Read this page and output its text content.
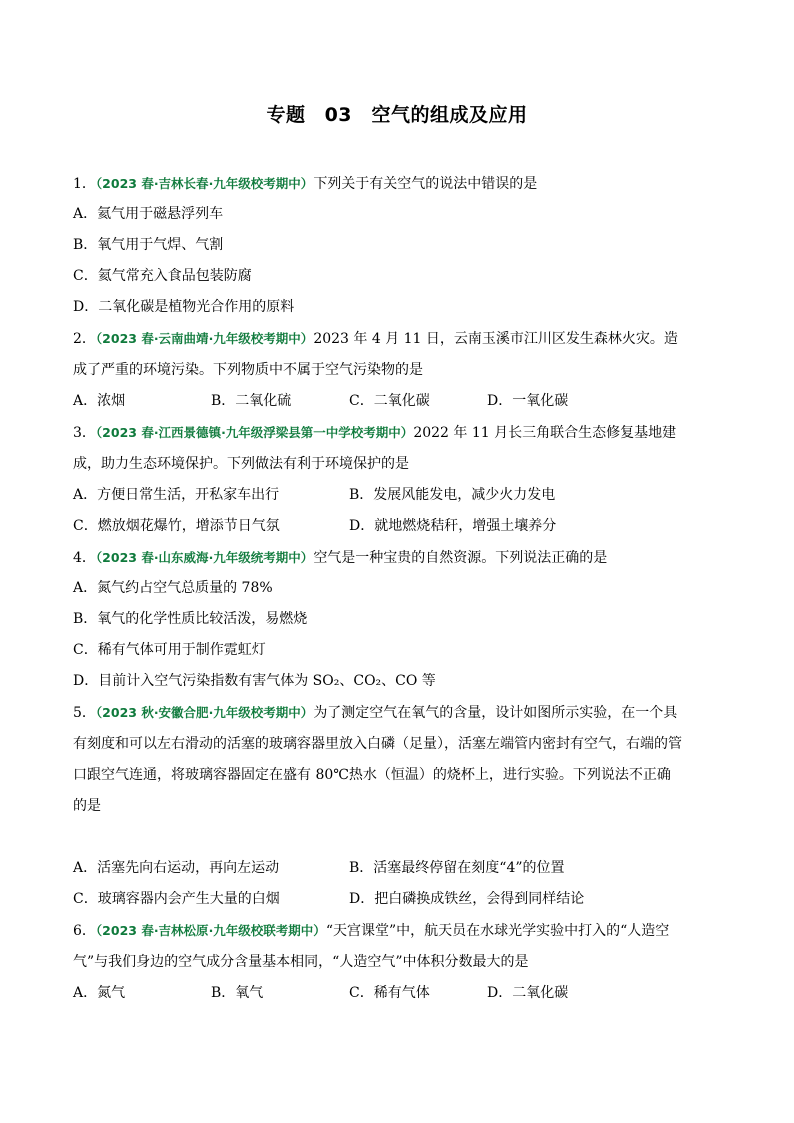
专题 03　空气的组成及应用
1．（2023 春·吉林长春·九年级校考期中）下列关于有关空气的说法中错误的是
A．氦气用于磁悬浮列车
B．氧气用于气焊、气割
C．氦气常充入食品包装防腐
D．二氧化碳是植物光合作用的原料
2．（2023 春·云南曲靖·九年级校考期中）2023 年 4 月 11 日，云南玉溪市江川区发生森林火灾。造成了严重的环境污染。下列物质中不属于空气污染物的是
A．浓烟	B．二氧化硫	C．二氧化碳	D．一氧化碳
3．（2023 春·江西景德镇·九年级浮梁县第一中学校考期中）2022 年 11 月长三角联合生态修复基地建成，助力生态环境保护。下列做法有利于环境保护的是
A．方便日常生活，开私家车出行	B．发展风能发电，减少火力发电
C．燃放烟花爆竹，增添节日气氛	D．就地燃烧秸秆，增强土壤养分
4．（2023 春·山东威海·九年级统考期中）空气是一种宝贵的自然资源。下列说法正确的是
A．氮气约占空气总质量的 78%
B．氧气的化学性质比较活泼，易燃烧
C．稀有气体可用于制作霓虹灯
D．目前计入空气污染指数有害气体为 SO₂、CO₂、CO 等
5．（2023 秋·安徽合肥·九年级校考期中）为了测定空气在氧气的含量，设计如图所示实验，在一个具有刻度和可以左右滑动的活塞的玻璃容器里放入白磷（足量），活塞左端管内密封有空气，右端的管口跟空气连通，将玻璃容器固定在盛有 80℃热水（恒温）的烧杯上，进行实验。下列说法不正确的是
A．活塞先向右运动，再向左运动	B．活塞最终停留在刻度“4”的位置
C．玻璃容器内会产生大量的白烟	D．把白磷换成铁丝，会得到同样结论
6．（2023 春·吉林松原·九年级校联考期中）“天宫课堂”中，航天员在水球光学实验中打入的“人造空气”与我们身边的空气成分含量基本相同，“人造空气”中体积分数最大的是
A．氮气	B．氧气	C．稀有气体	D．二氧化碳
